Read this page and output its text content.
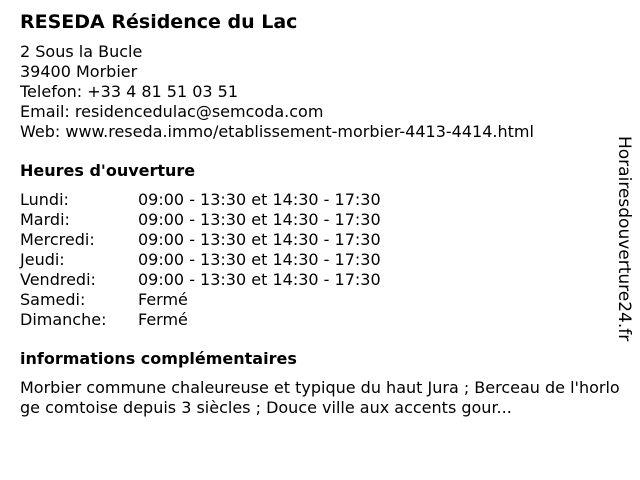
RESEDA Résidence du Lac
2 Sous la Bucle
39400 Morbier
Telefon: +33 4 81 51 03 51
Email: residencedulac@semcoda.com
Web: www.reseda.immo/etablissement-morbier-4413-4414.html
Heures d'ouverture
Lundi:	09:00 - 13:30 et 14:30 - 17:30
Mardi:	09:00 - 13:30 et 14:30 - 17:30
Mercredi:	09:00 - 13:30 et 14:30 - 17:30
Jeudi:	09:00 - 13:30 et 14:30 - 17:30
Vendredi:	09:00 - 13:30 et 14:30 - 17:30
Samedi:	Fermé
Dimanche:	Fermé
informations complémentaires
Morbier commune chaleureuse et typique du haut Jura ; Berceau de l'horloge comtoise depuis 3 siècles ; Douce ville aux accents gour...
Horairesdouverture24.fr
